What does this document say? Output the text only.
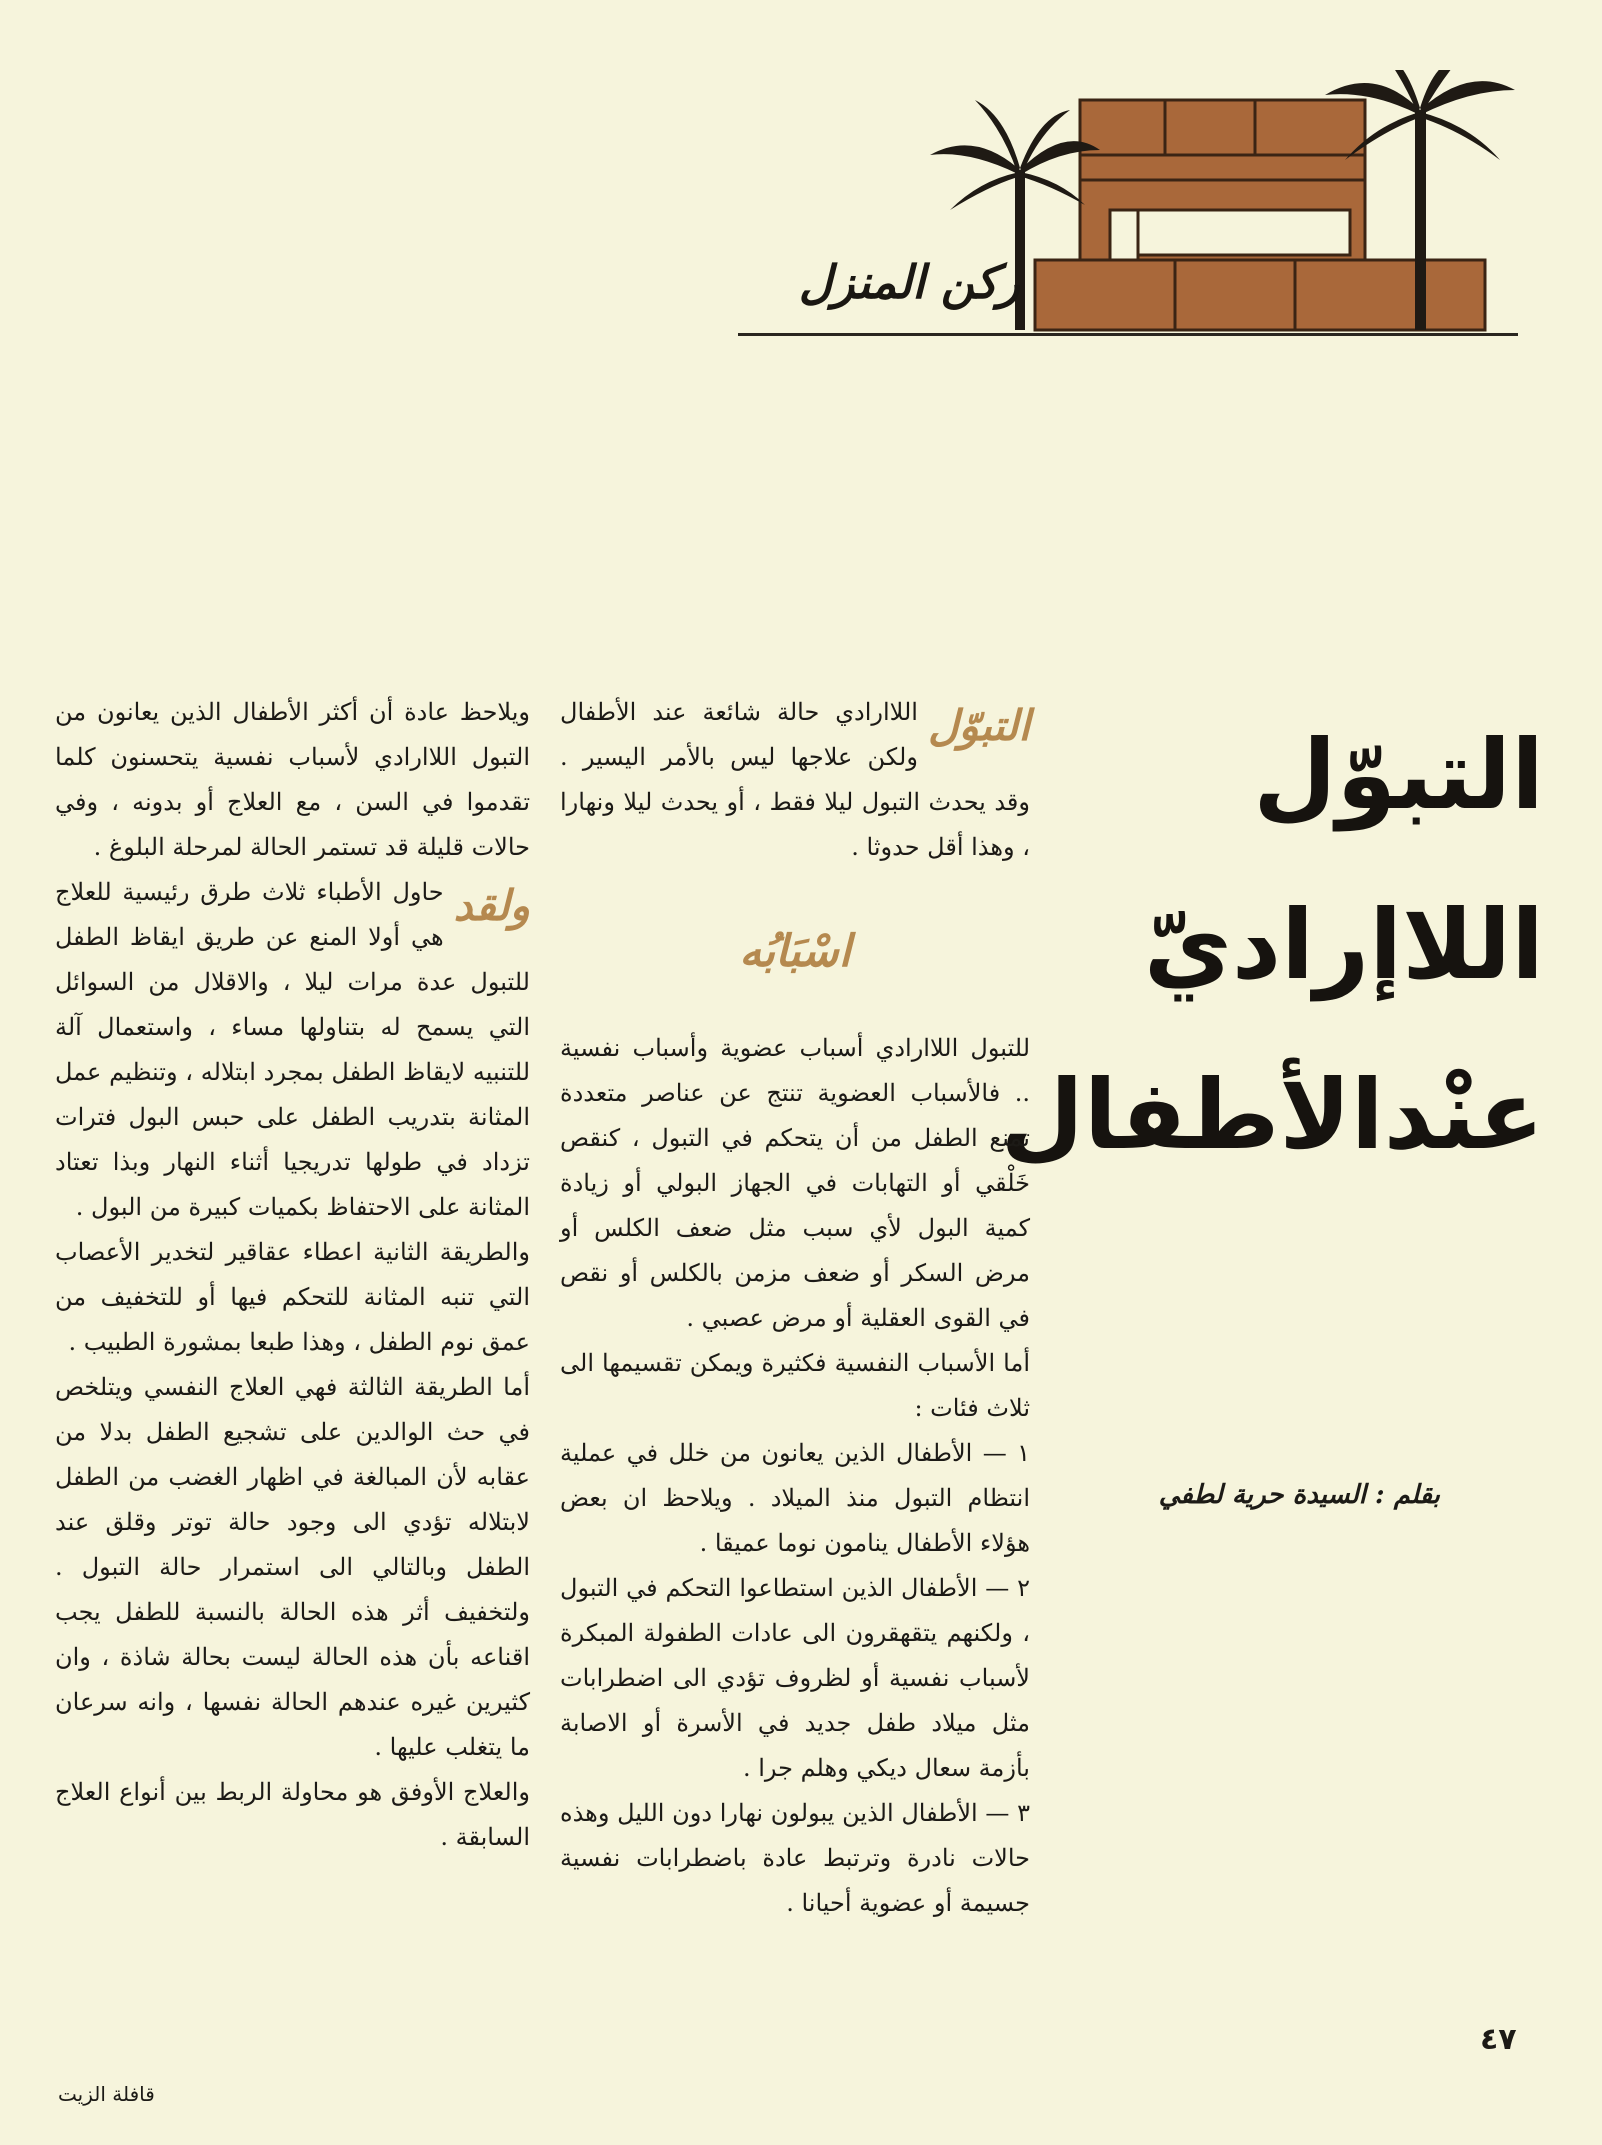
ركن المنزل
التبوّل
اللاإراديّ
عنْدالأطفال
بقلم : السيدة حرية لطفي

التبوّل
اللاارادي حالة شائعة عند الأطفال ولكن علاجها ليس بالأمر اليسير . وقد يحدث التبول ليلا فقط ، أو يحدث ليلا ونهارا ، وهذا أقل حدوثا .

اسْبَابُه

للتبول اللاارادي أسباب عضوية وأسباب نفسية .. فالأسباب العضوية تنتج عن عناصر متعددة تمنع الطفل من أن يتحكم في التبول ، كنقص خَلْقي أو التهابات في الجهاز البولي أو زيادة كمية البول لأي سبب مثل ضعف الكلس أو مرض السكر أو ضعف مزمن بالكلس أو نقص في القوى العقلية أو مرض عصبي .

أما الأسباب النفسية فكثيرة ويمكن تقسيمها الى ثلاث فئات :

١ — الأطفال الذين يعانون من خلل في عملية انتظام التبول منذ الميلاد . ويلاحظ ان بعض هؤلاء الأطفال ينامون نوما عميقا .

٢ — الأطفال الذين استطاعوا التحكم في التبول ، ولكنهم يتقهقرون الى عادات الطفولة المبكرة لأسباب نفسية أو لظروف تؤدي الى اضطرابات مثل ميلاد طفل جديد في الأسرة أو الاصابة بأزمة سعال ديكي وهلم جرا .

٣ — الأطفال الذين يبولون نهارا دون الليل وهذه حالات نادرة وترتبط عادة باضطرابات نفسية جسيمة أو عضوية أحيانا .

ويلاحظ عادة أن أكثر الأطفال الذين يعانون من التبول اللاارادي لأسباب نفسية يتحسنون كلما تقدموا في السن ، مع العلاج أو بدونه ، وفي حالات قليلة قد تستمر الحالة لمرحلة البلوغ .

ولقد
حاول الأطباء ثلاث طرق رئيسية للعلاج هي أولا المنع عن طريق ايقاظ الطفل للتبول عدة مرات ليلا ، والاقلال من السوائل التي يسمح له بتناولها مساء ، واستعمال آلة للتنبيه لايقاظ الطفل بمجرد ابتلاله ، وتنظيم عمل المثانة بتدريب الطفل على حبس البول فترات تزداد في طولها تدريجيا أثناء النهار وبذا تعتاد المثانة على الاحتفاظ بكميات كبيرة من البول .

والطريقة الثانية اعطاء عقاقير لتخدير الأعصاب التي تنبه المثانة للتحكم فيها أو للتخفيف من عمق نوم الطفل ، وهذا طبعا بمشورة الطبيب .

أما الطريقة الثالثة فهي العلاج النفسي ويتلخص في حث الوالدين على تشجيع الطفل بدلا من عقابه لأن المبالغة في اظهار الغضب من الطفل لابتلاله تؤدي الى وجود حالة توتر وقلق عند الطفل وبالتالي الى استمرار حالة التبول . ولتخفيف أثر هذه الحالة بالنسبة للطفل يجب اقناعه بأن هذه الحالة ليست بحالة شاذة ، وان كثيرين غيره عندهم الحالة نفسها ، وانه سرعان ما يتغلب عليها .

والعلاج الأوفق هو محاولة الربط بين أنواع العلاج السابقة .

٤٧
قافلة الزيت
